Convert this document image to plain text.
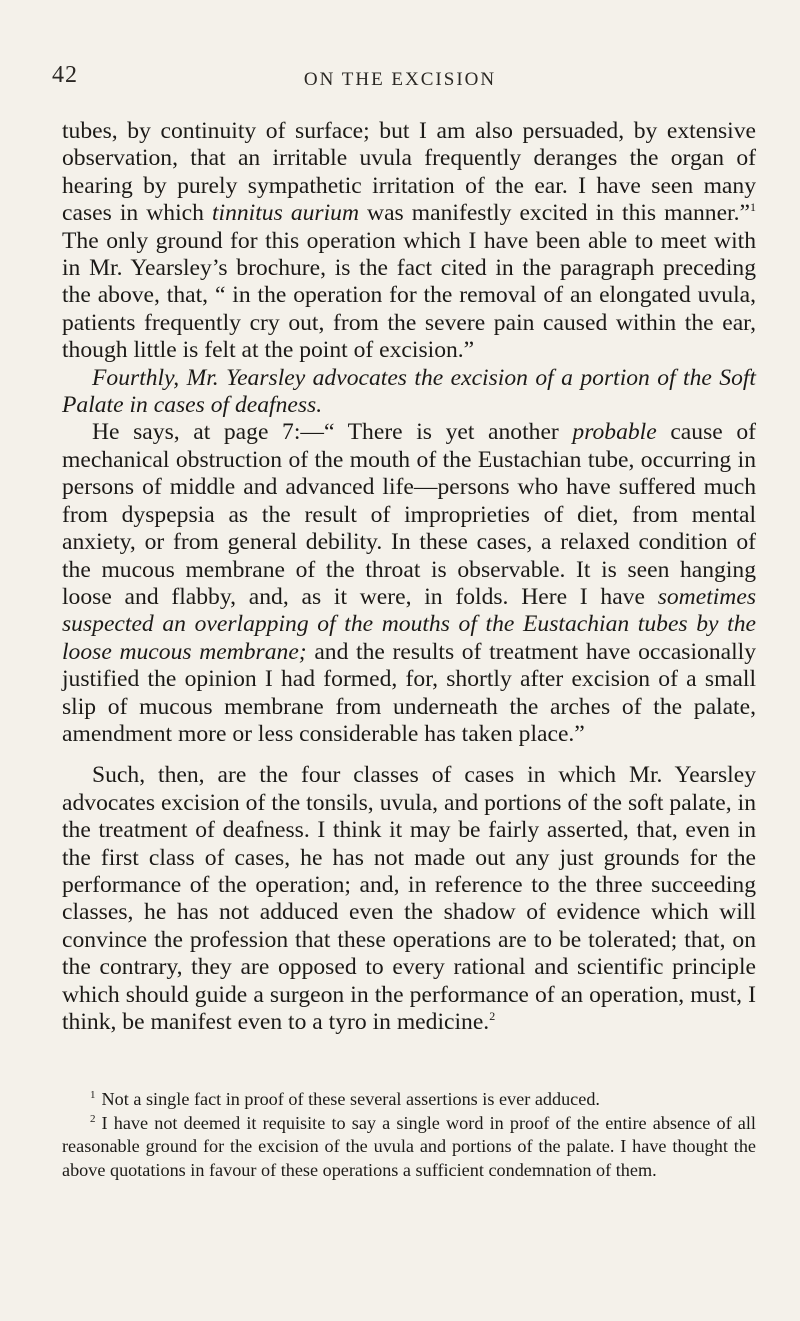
42	ON THE EXCISION

tubes, by continuity of surface; but I am also persuaded, by extensive observation, that an irritable uvula frequently deranges the organ of hearing by purely sympathetic irritation of the ear. I have seen many cases in which tinnitus aurium was manifestly excited in this manner.”$^1$ The only ground for this operation which I have been able to meet with in Mr. Yearsley’s brochure, is the fact cited in the paragraph preceding the above, that, “ in the operation for the removal of an elongated uvula, patients frequently cry out, from the severe pain caused within the ear, though little is felt at the point of excision.”

Fourthly, Mr. Yearsley advocates the excision of a portion of the Soft Palate in cases of deafness.

He says, at page 7:—“ There is yet another probable cause of mechanical obstruction of the mouth of the Eustachian tube, occurring in persons of middle and advanced life—persons who have suffered much from dyspepsia as the result of improprieties of diet, from mental anxiety, or from general debility. In these cases, a relaxed condition of the mucous membrane of the throat is observable. It is seen hanging loose and flabby, and, as it were, in folds. Here I have sometimes suspected an overlapping of the mouths of the Eustachian tubes by the loose mucous membrane; and the results of treatment have occasionally justified the opinion I had formed, for, shortly after excision of a small slip of mucous membrane from underneath the arches of the palate, amendment more or less considerable has taken place.”

Such, then, are the four classes of cases in which Mr. Yearsley advocates excision of the tonsils, uvula, and portions of the soft palate, in the treatment of deafness. I think it may be fairly asserted, that, even in the first class of cases, he has not made out any just grounds for the performance of the operation; and, in reference to the three succeeding classes, he has not adduced even the shadow of evidence which will convince the profession that these operations are to be tolerated; that, on the contrary, they are opposed to every rational and scientific principle which should guide a surgeon in the performance of an operation, must, I think, be manifest even to a tyro in medicine.$^2$

$^1$ Not a single fact in proof of these several assertions is ever adduced.

$^2$ I have not deemed it requisite to say a single word in proof of the entire absence of all reasonable ground for the excision of the uvula and portions of the palate. I have thought the above quotations in favour of these operations a sufficient condemnation of them.
